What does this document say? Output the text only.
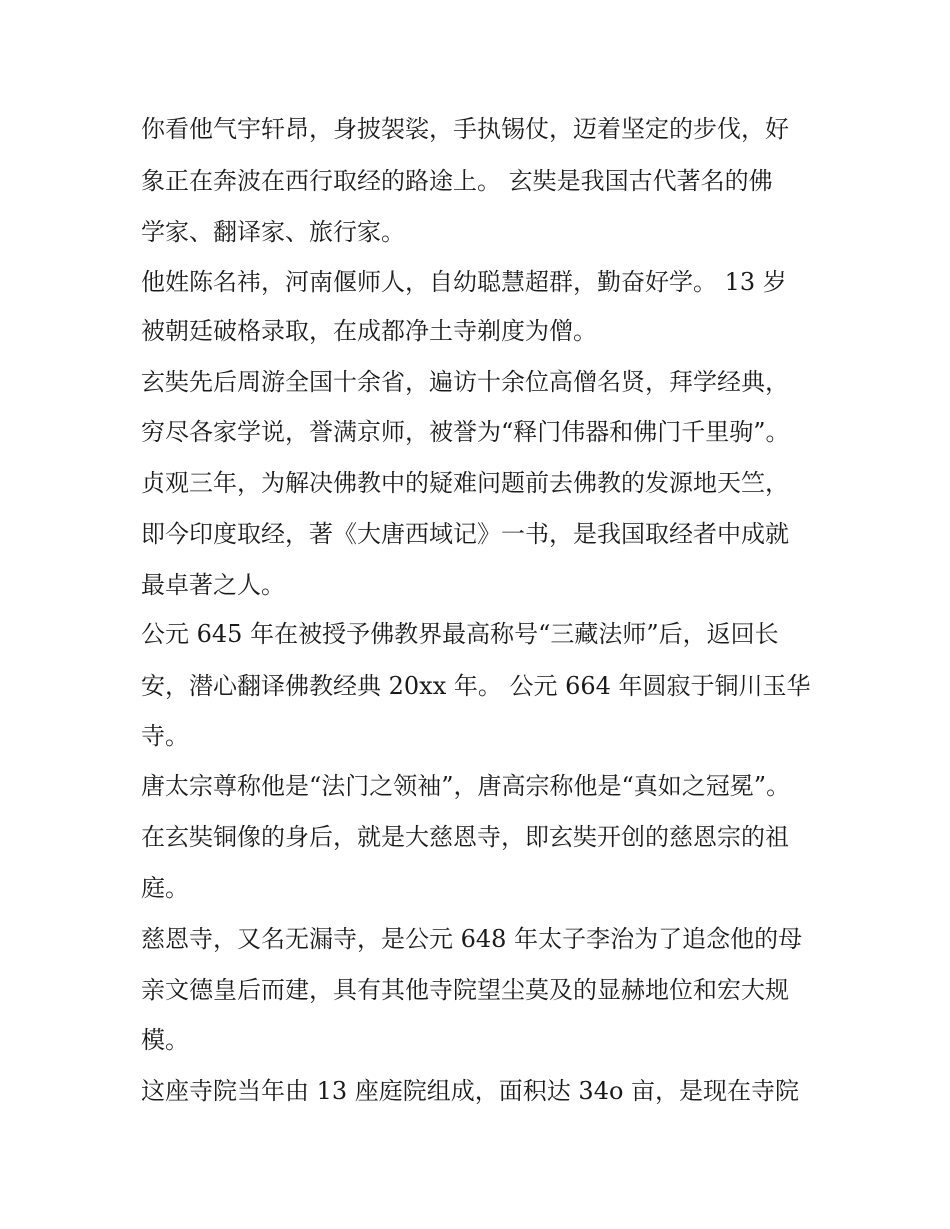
你看他气宇轩昂，身披袈裟，手执锡仗，迈着坚定的步伐，好
象正在奔波在西行取经的路途上。 玄奘是我国古代著名的佛
学家、翻译家、旅行家。
他姓陈名祎，河南偃师人，自幼聪慧超群，勤奋好学。 13 岁
被朝廷破格录取，在成都净土寺剃度为僧。
玄奘先后周游全国十余省，遍访十余位高僧名贤，拜学经典，
穷尽各家学说，誉满京师，被誉为“释门伟器和佛门千里驹”。
贞观三年，为解决佛教中的疑难问题前去佛教的发源地天竺，
即今印度取经，著《大唐西域记》一书，是我国取经者中成就
最卓著之人。
公元 645 年在被授予佛教界最高称号“三藏法师”后，返回长
安，潜心翻译佛教经典 20xx 年。 公元 664 年圆寂于铜川玉华
寺。
唐太宗尊称他是“法门之领袖”，唐高宗称他是“真如之冠冕”。
在玄奘铜像的身后，就是大慈恩寺，即玄奘开创的慈恩宗的祖
庭。
慈恩寺，又名无漏寺，是公元 648 年太子李治为了追念他的母
亲文德皇后而建，具有其他寺院望尘莫及的显赫地位和宏大规
模。
这座寺院当年由 13 座庭院组成，面积达 34o 亩，是现在寺院
